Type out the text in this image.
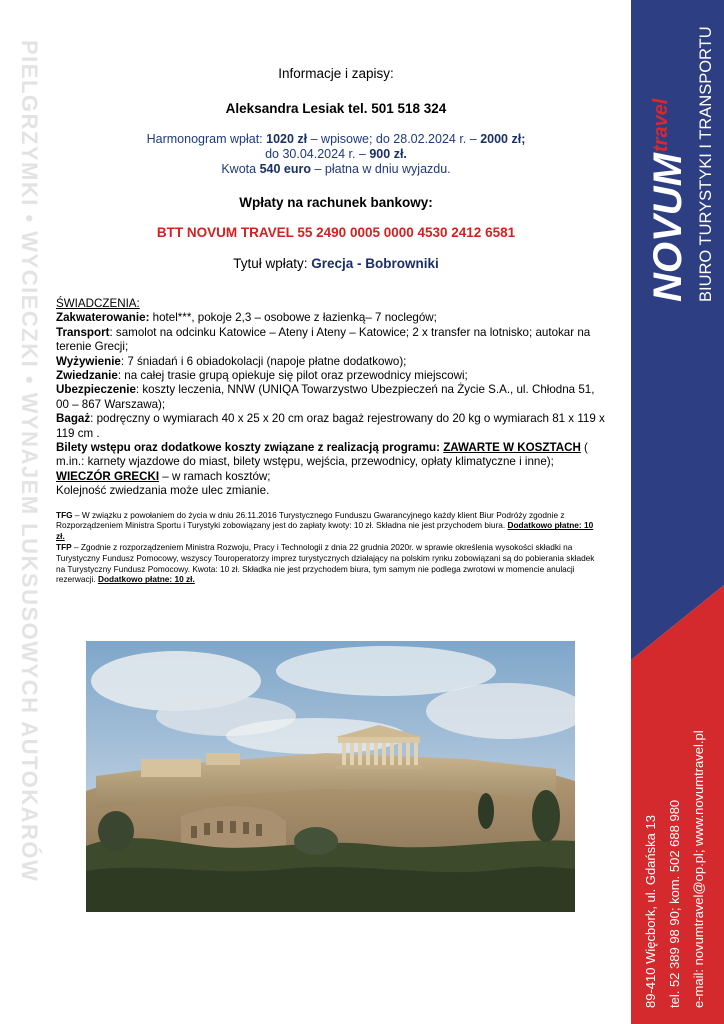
PIELGRZYMKI • WYCIECZKI • WYNAJEM LUKSUSOWYCH AUTOKARÓW	NOVUM
travel BIURO TURYSTYKI I TRANSPORTU
89-410 Więcbork, ul. Gdańska 13 tel. 52 389 98 90; kom. 502 688 980 e-mail: novumtravel@op.pl; www.novumtravel.pl

Informacje i zapisy:

Aleksandra Lesiak tel. 501 518 324

Harmonogram wpłat: 1020 zł – wpisowe; do 28.02.2024 r. – 2000 zł;
do 30.04.2024 r. – 900 zł.
Kwota 540 euro – płatna w dniu wyjazdu.

Wpłaty na rachunek bankowy:

BTT NOVUM TRAVEL 55 2490 0005 0000 4530 2412 6581

Tytuł wpłaty: Grecja - Bobrowniki

ŚWIADCZENIA:

Zakwaterowanie: hotel***, pokoje 2,3 – osobowe z łazienką– 7 noclegów;

Transport: samolot na odcinku Katowice – Ateny i Ateny – Katowice; 2 x transfer na lotnisko; autokar na terenie Grecji;

Wyżywienie: 7 śniadań i 6 obiadokolacji (napoje płatne dodatkowo);

Zwiedzanie: na całej trasie grupą opiekuje się pilot oraz przewodnicy miejscowi;

Ubezpieczenie: koszty leczenia, NNW (UNIQA Towarzystwo Ubezpieczeń na Życie S.A., ul. Chłodna 51, 00 – 867 Warszawa);

Bagaż: podręczny o wymiarach 40 x 25 x 20 cm oraz bagaż rejestrowany do 20 kg o wymiarach 81 x 119 x 119 cm .

Bilety wstępu oraz dodatkowe koszty związane z realizacją programu: ZAWARTE W KOSZTACH ( m.in.: karnety wjazdowe do miast, bilety wstępu, wejścia, przewodnicy, opłaty klimatyczne i inne);

WIECZÓR GRECKI – w ramach kosztów;

Kolejność zwiedzania może ulec zmianie.

TFG – W związku z powołaniem do życia w dniu 26.11.2016 Turystycznego Funduszu Gwarancyjnego każdy klient Biur Podróży zgodnie z Rozporządzeniem Ministra Sportu i Turystyki zobowiązany jest do zapłaty kwoty: 10 zł. Składna nie jest przychodem biura. Dodatkowo płatne: 10 zł.

TFP – Zgodnie z rozporządzeniem Ministra Rozwoju, Pracy i Technologii z dnia 22 grudnia 2020r. w sprawie określenia wysokości składki na Turystyczny Fundusz Pomocowy, wszyscy Touroperatorzy imprez turystycznych działający na polskim rynku zobowiązani są do pobierania składek na Turystyczny Fundusz Pomocowy. Kwota: 10 zł. Składka nie jest przychodem biura, tym samym nie podlega zwrotowi w momencie anulacji rezerwacji. Dodatkowo płatne: 10 zł.
